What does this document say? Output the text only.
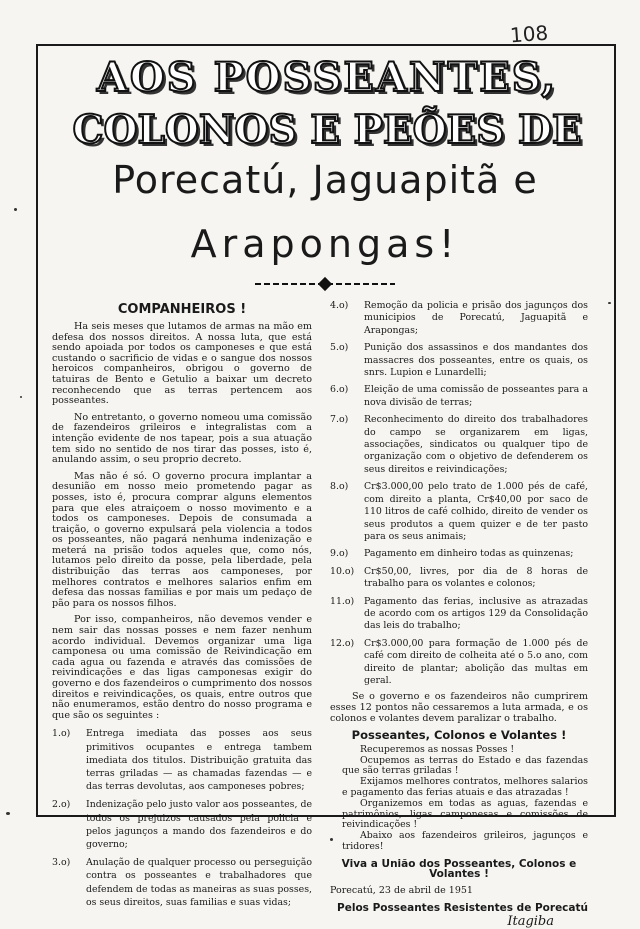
108
AOS POSSEANTES,
COLONOS E PEÕES DE
Porecatú, Jaguapitã e
Arapongas!
COMPANHEIROS !

Ha seis meses que lutamos de armas na mão em defesa dos nossos direitos. A nossa luta, que está sendo apoiada por todos os camponeses e que está custando o sacrificio de vidas e o sangue dos nossos heroicos companheiros, obrigou o governo de tatuiras de Bento e Getulio a baixar um decreto reconhecendo que as terras pertencem aos posseantes.

No entretanto, o governo nomeou uma comissão de fazendeiros grileiros e integralistas com a intenção evidente de nos tapear, pois a sua atuação tem sido no sentido de nos tirar das posses, isto é, anulando assim, o seu proprio decreto.

Mas não é só. O governo procura implantar a desunião em nosso meio prometendo pagar as posses, isto é, procura comprar alguns elementos para que eles atraiçoem o nosso movimento e a todos os camponeses. Depois de consumada a traição, o governo expulsará pela violencia a todos os posseantes, não pagará nenhuma indenização e meterá na prisão todos aqueles que, como nós, lutamos pelo direito da posse, pela liberdade, pela distribuição das terras aos camponeses, por melhores contratos e melhores salarios enfim em defesa das nossas familias e por mais um pedaço de pão para os nossos filhos.

Por isso, companheiros, não devemos vender e nem sair das nossas posses e nem fazer nenhum acordo individual. Devemos organizar uma liga camponesa ou uma comissão de Reivindicação em cada agua ou fazenda e através das comissões de reivindicações e das ligas camponesas exigir do governo e dos fazendeiros o cumprimento dos nossos direitos e reivindicações, os quais, entre outros que não enumeramos, estão dentro do nosso programa e que são os seguintes :

1.o) Entrega imediata das posses aos seus primitivos ocupantes e entrega tambem imediata dos titulos. Distribuição gratuita das terras griladas — as chamadas fazendas — e das terras devolutas, aos camponeses pobres;
2.o) Indenização pelo justo valor aos posseantes, de todos os prejuizos causados pela policia e pelos jagunços a mando dos fazendeiros e do governo;
3.o) Anulação de qualquer processo ou perseguição contra os posseantes e trabalhadores que defendem de todas as maneiras as suas posses, os seus direitos, suas familias e suas vidas;
4.o) Remoção da policia e prisão dos jagunços dos municipios de Porecatú, Jaguapitã e Arapongas;
5.o) Punição dos assassinos e dos mandantes dos massacres dos posseantes, entre os quais, os snrs. Lupion e Lunardelli;
6.o) Eleição de uma comissão de posseantes para a nova divisão de terras;
7.o) Reconhecimento do direito dos trabalhadores do campo se organizarem em ligas, associações, sindicatos ou qualquer tipo de organização com o objetivo de defenderem os seus direitos e reivindicações;
8.o) Cr$3.000,00 pelo trato de 1.000 pés de café, com direito a planta, Cr$40,00 por saco de 110 litros de café colhido, direito de vender os seus produtos a quem quizer e de ter pasto para os seus animais;
9.o) Pagamento em dinheiro todas as quinzenas;
10.o) Cr$50,00, livres, por dia de 8 horas de trabalho para os volantes e colonos;
11.o) Pagamento das ferias, inclusive as atrazadas de acordo com os artigos 129 da Consolidação das leis do trabalho;
12.o) Cr$3.000,00 para formação de 1.000 pés de café com direito de colheita até o 5.o ano, com direito de plantar; abolição das multas em geral.

Se o governo e os fazendeiros não cumprirem esses 12 pontos não cessaremos a luta armada, e os colonos e volantes devem paralizar o trabalho.

Posseantes, Colonos e Volantes !
Recuperemos as nossas Posses !
Ocupemos as terras do Estado e das fazendas que são terras griladas !
Exijamos melhores contratos, melhores salarios e pagamento das ferias atuais e das atrazadas !
Organizemos em todas as aguas, fazendas e patrimônios, ligas camponesas e comissões de reivindicações !
Abaixo aos fazendeiros grileiros, jagunços e tridores!
Viva a União dos Posseantes, Colonos e Volantes !
Porecatú, 23 de abril de 1951
Pelos Posseantes Resistentes de Porecatú
Itagiba
